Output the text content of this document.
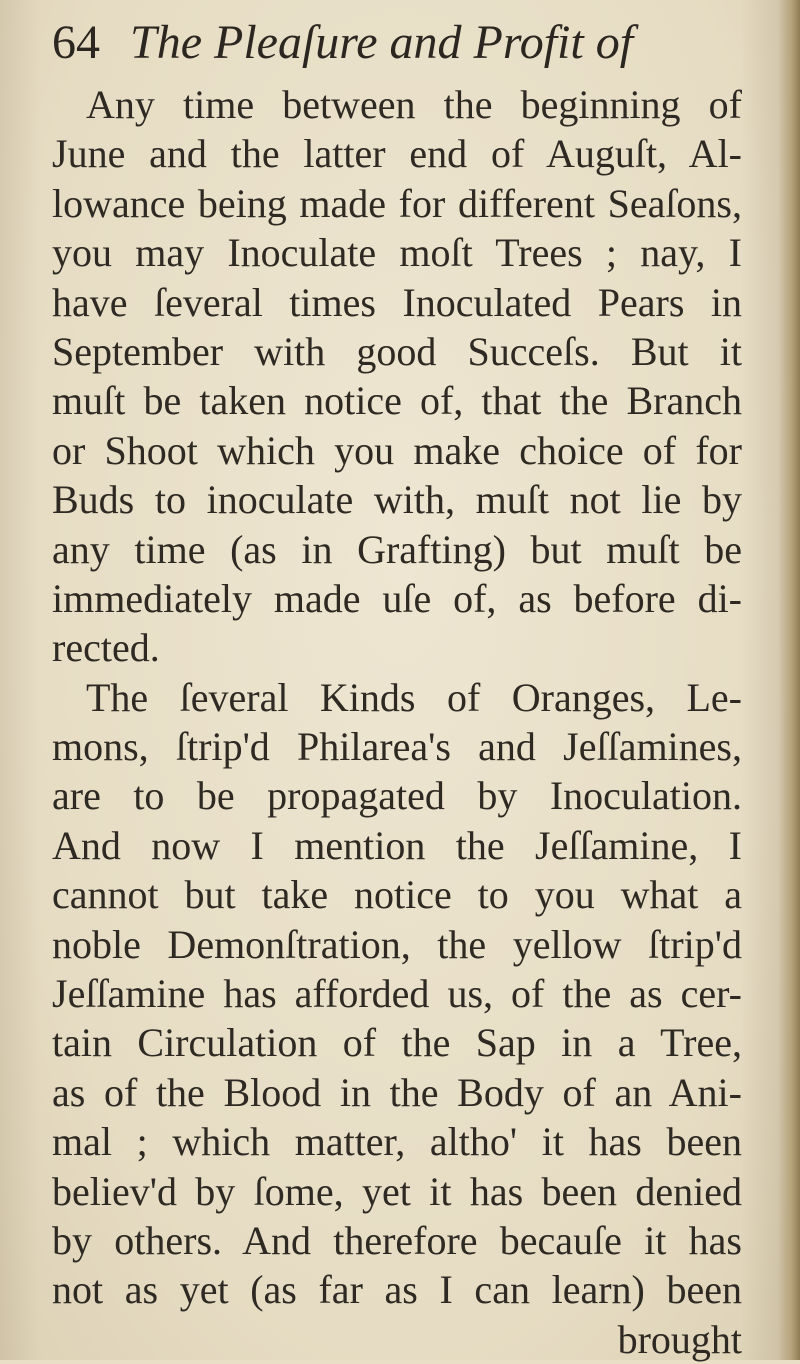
64 The Pleaſure and Profit of
Any time between the beginning of
June and the latter end of Auguſt, Al-
lowance being made for different Seaſons,
you may Inoculate moſt Trees ; nay, I
have ſeveral times Inoculated Pears in
September with good Succeſs. But it
muſt be taken notice of, that the Branch
or Shoot which you make choice of for
Buds to inoculate with, muſt not lie by
any time (as in Grafting) but muſt be
immediately made uſe of, as before di-
rected.
The ſeveral Kinds of Oranges, Le-
mons, ſtrip'd Philarea's and Jeſſamines,
are to be propagated by Inoculation.
And now I mention the Jeſſamine, I
cannot but take notice to you what a
noble Demonſtration, the yellow ſtrip'd
Jeſſamine has afforded us, of the as cer-
tain Circulation of the Sap in a Tree,
as of the Blood in the Body of an Ani-
mal ; which matter, altho' it has been
believ'd by ſome, yet it has been denied
by others. And therefore becauſe it has
not as yet (as far as I can learn) been
brought
